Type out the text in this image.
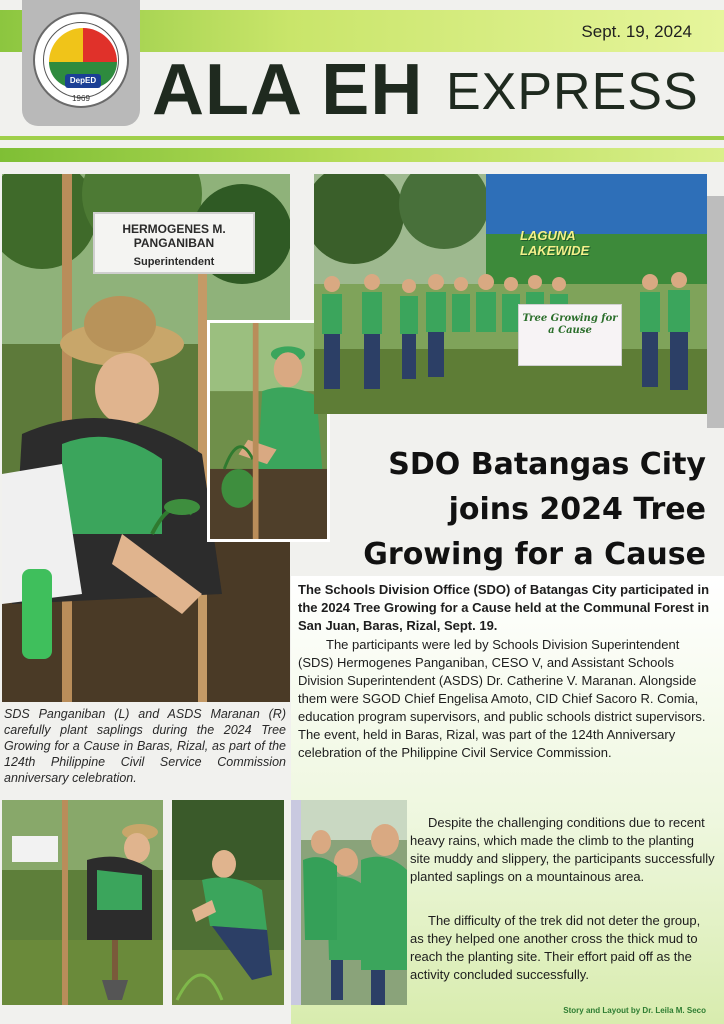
DepED
1969
Sept. 19, 2024
ALA EH EXPRESS
HERMOGENES M. PANGANIBAN
Superintendent
LAGUNA LAKEWIDE
Tree Growing for a Cause
SDS Panganiban (L) and ASDS Maranan (R) carefully plant saplings during the 2024 Tree Growing for a Cause in Baras, Rizal, as part of the 124th Philippine Civil Service Commission anniversary celebration.
SDO Batangas City joins 2024 Tree Growing for a Cause
The Schools Division Office (SDO) of Batangas City participated in the 2024 Tree Growing for a Cause held at the Communal Forest in San Juan, Baras, Rizal, Sept. 19.
The participants were led by Schools Division Superintendent (SDS) Hermogenes Panganiban, CESO V, and Assistant Schools Division Superintendent (ASDS) Dr. Catherine V. Maranan. Alongside them were SGOD Chief Engelisa Amoto, CID Chief Sacoro R. Comia, education program supervisors, and public schools district supervisors. The event, held in Baras, Rizal, was part of the 124th Anniversary celebration of the Philippine Civil Service Commission.
Despite the challenging conditions due to recent heavy rains, which made the climb to the planting site muddy and slippery, the participants successfully planted saplings on a mountainous area.
The difficulty of the trek did not deter the group, as they helped one another cross the thick mud to reach the planting site. Their effort paid off as the activity concluded successfully.
Story and Layout by Dr. Leila M. Seco
